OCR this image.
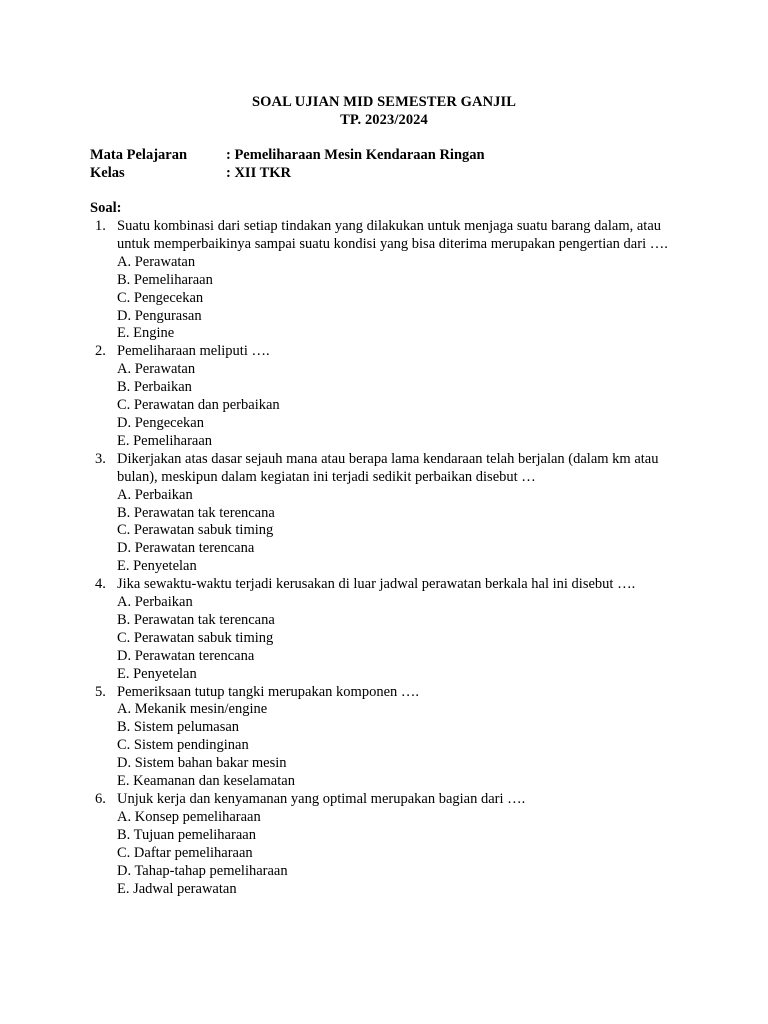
SOAL UJIAN MID SEMESTER GANJIL
TP. 2023/2024
Mata Pelajaran	: Pemeliharaan Mesin Kendaraan Ringan
Kelas	: XII TKR
Soal:
1. Suatu kombinasi dari setiap tindakan yang dilakukan untuk menjaga suatu barang dalam, atau untuk memperbaikinya sampai suatu kondisi yang bisa diterima merupakan pengertian dari ….
A. Perawatan
B. Pemeliharaan
C. Pengecekan
D. Pengurasan
E. Engine
2. Pemeliharaan meliputi ….
A. Perawatan
B. Perbaikan
C. Perawatan dan perbaikan
D. Pengecekan
E. Pemeliharaan
3. Dikerjakan atas dasar sejauh mana atau berapa lama kendaraan telah berjalan (dalam km atau bulan), meskipun dalam kegiatan ini terjadi sedikit perbaikan disebut …
A. Perbaikan
B. Perawatan tak terencana
C. Perawatan sabuk timing
D. Perawatan terencana
E. Penyetelan
4. Jika sewaktu-waktu terjadi kerusakan di luar jadwal perawatan berkala hal ini disebut ….
A. Perbaikan
B. Perawatan tak terencana
C. Perawatan sabuk timing
D. Perawatan terencana
E. Penyetelan
5. Pemeriksaan tutup tangki merupakan komponen ….
A. Mekanik mesin/engine
B. Sistem pelumasan
C. Sistem pendinginan
D. Sistem bahan bakar mesin
E. Keamanan dan keselamatan
6. Unjuk kerja dan kenyamanan yang optimal merupakan bagian dari ….
A. Konsep pemeliharaan
B. Tujuan pemeliharaan
C. Daftar pemeliharaan
D. Tahap-tahap pemeliharaan
E. Jadwal perawatan
